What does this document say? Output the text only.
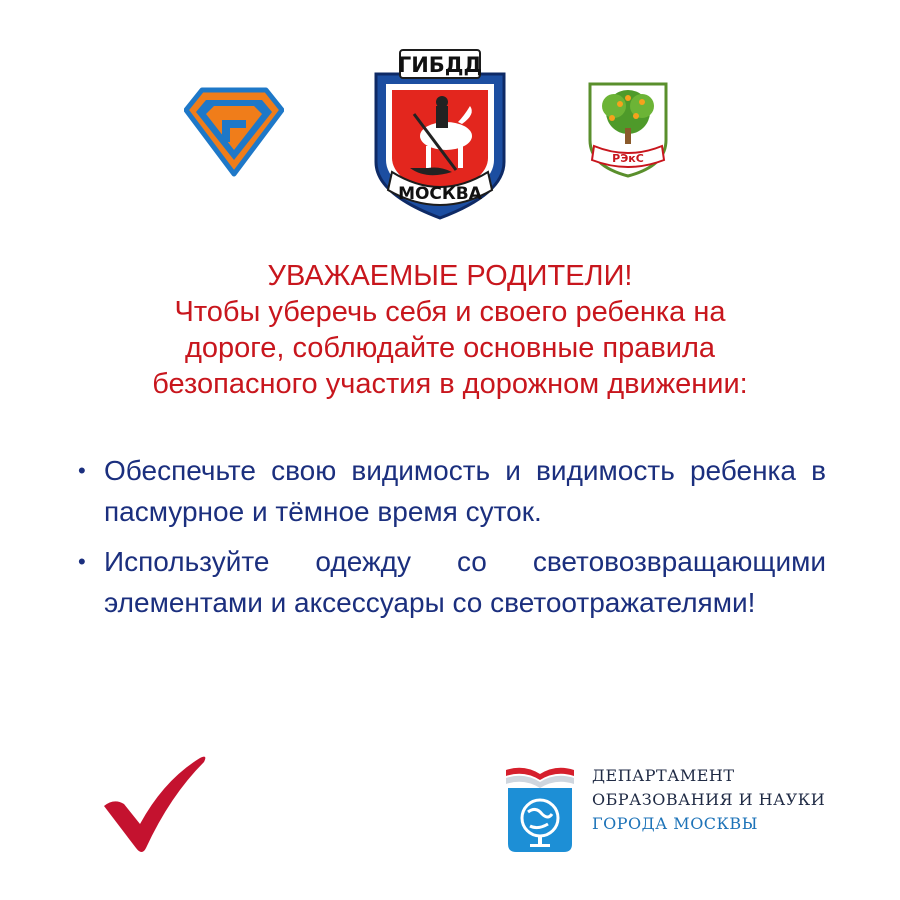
ГИБДД
МОСКВА
РЭкС
УВАЖАЕМЫЕ РОДИТЕЛИ!
Чтобы уберечь себя и своего ребенка на
дороге, соблюдайте основные правила
безопасного участия в дорожном движении:
• Обеспечьте свою видимость и видимость ребенка в пасмурное и тёмное время суток.
• Используйте одежду со световозвращающими элементами и аксессуары со светоотражателями!
ДЕПАРТАМЕНТ
ОБРАЗОВАНИЯ И НАУКИ
ГОРОДА МОСКВЫ
